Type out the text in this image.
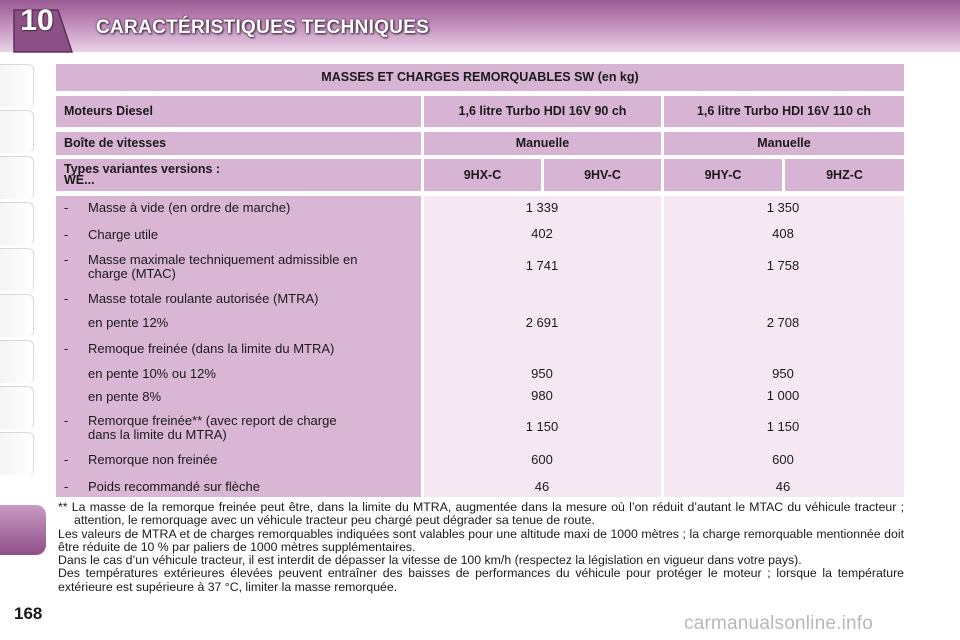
10	CARACTÉRISTIQUES TECHNIQUES
MASSES ET CHARGES REMORQUABLES SW (en kg)
Moteurs Diesel	1,6 litre Turbo HDI 16V 90 ch	1,6 litre Turbo HDI 16V 110 ch
Boîte de vitesses	Manuelle	Manuelle
Types variantes versions :
WE...	9HX-C	9HV-C	9HY-C	9HZ-C
- Masse à vide (en ordre de marche)	1 339	1 350
- Charge utile	402	408
- Masse maximale techniquement admissible en
charge (MTAC)
1 741	1 758
- Masse totale roulante autorisée (MTRA)
en pente 12%	2 691	2 708
- Remoque freinée (dans la limite du MTRA)
en pente 10% ou 12%	950	950
en pente 8%	980	1 000
- Remorque freinée** (avec report de charge
dans la limite du MTRA)
1 150	1 150
- Remorque non freinée	600	600
- Poids recommandé sur flèche	46	46
** La masse de la remorque freinée peut être, dans la limite du MTRA, augmentée dans la mesure où l’on réduit d’autant le MTAC du véhicule tracteur ; attention, le remorquage avec un véhicule tracteur peu chargé peut dégrader sa tenue de route.
Les valeurs de MTRA et de charges remorquables indiquées sont valables pour une altitude maxi de 1000 mètres ; la charge remorquable mentionnée doit être réduite de 10 % par paliers de 1000 mètres supplémentaires.
Dans le cas d’un véhicule tracteur, il est interdit de dépasser la vitesse de 100 km/h (respectez la législation en vigueur dans votre pays).
Des températures extérieures élevées peuvent entraîner des baisses de performances du véhicule pour protéger le moteur ; lorsque la température extérieure est supérieure à 37 °C, limiter la masse remorquée.
168	carmanualsonline.info
